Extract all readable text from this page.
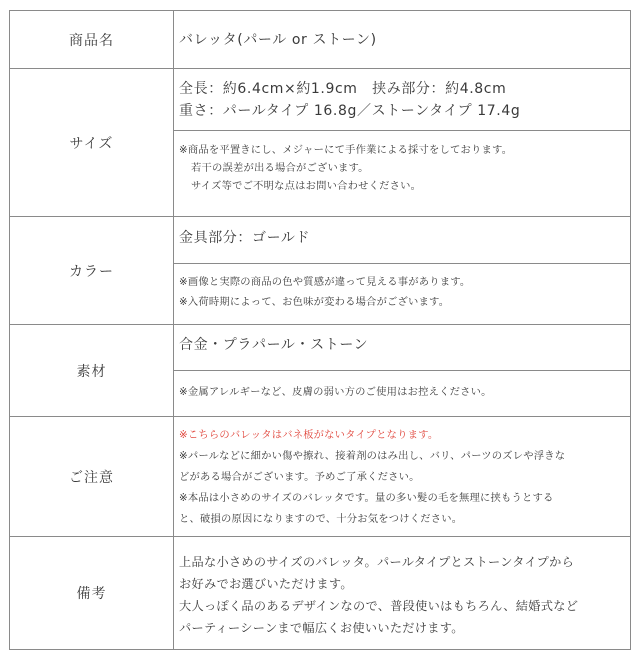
商品名	バレッタ(パール or ストーン)

サイズ	全長：約6.4cm×約1.9cm　挟み部分：約4.8cm
重さ：パールタイプ 16.8g／ストーンタイプ 17.4g
※商品を平置きにし、メジャーにて手作業による採寸をしております。
若干の誤差が出る場合がございます。
サイズ等でご不明な点はお問い合わせください。

カラー	金具部分：ゴールド
※画像と実際の商品の色や質感が違って見える事があります。
※入荷時期によって、お色味が変わる場合がございます。

素材	合金・プラパール・ストーン
※金属アレルギーなど、皮膚の弱い方のご使用はお控えください。

ご注意	※こちらのバレッタはバネ板がないタイプとなります。
※パールなどに細かい傷や擦れ、接着剤のはみ出し、バリ、パーツのズレや浮きな
どがある場合がございます。予めご了承ください。
※本品は小さめのサイズのバレッタです。量の多い髪の毛を無理に挟もうとする
と、破損の原因になりますので、十分お気をつけください。

備考	上品な小さめのサイズのバレッタ。パールタイプとストーンタイプから
お好みでお選びいただけます。
大人っぽく品のあるデザインなので、普段使いはもちろん、結婚式など
パーティーシーンまで幅広くお使いいただけます。
